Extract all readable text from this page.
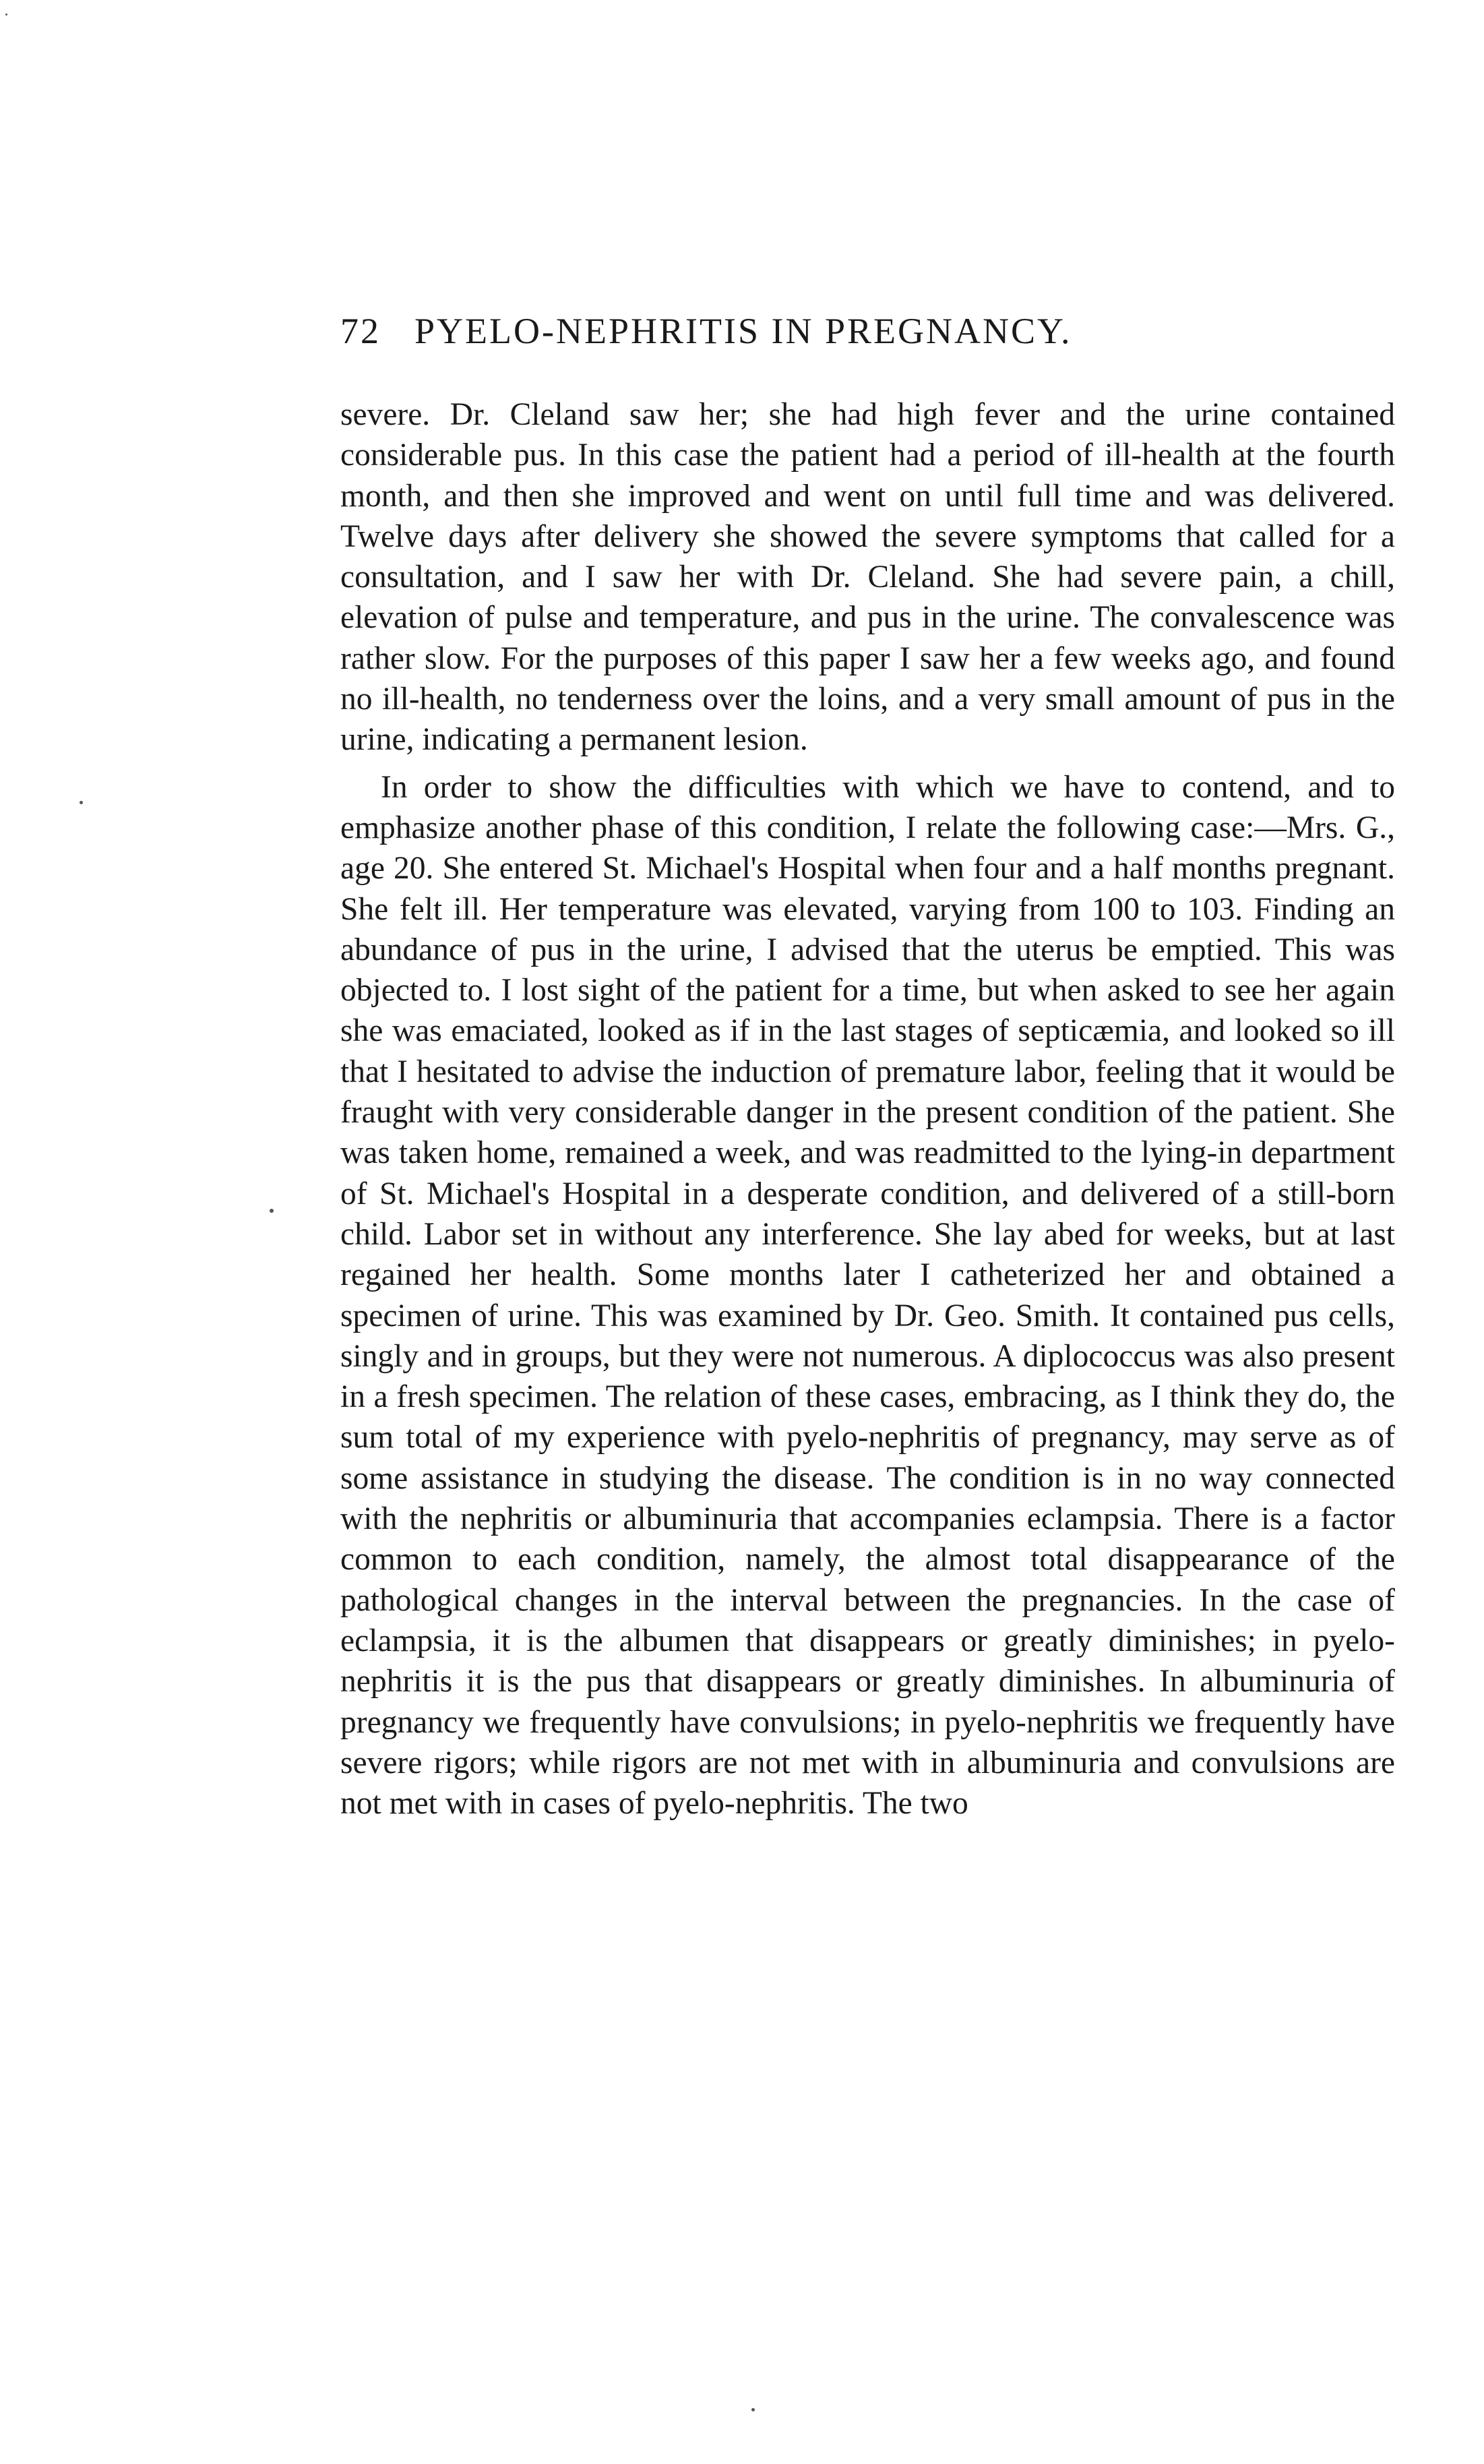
72 PYELO-NEPHRITIS IN PREGNANCY.

severe. Dr. Cleland saw her; she had high fever and the urine contained considerable pus. In this case the patient had a period of ill-health at the fourth month, and then she improved and went on until full time and was delivered. Twelve days after delivery she showed the severe symptoms that called for a consultation, and I saw her with Dr. Cleland. She had severe pain, a chill, elevation of pulse and temperature, and pus in the urine. The convalescence was rather slow. For the purposes of this paper I saw her a few weeks ago, and found no ill-health, no tenderness over the loins, and a very small amount of pus in the urine, indicating a permanent lesion.

In order to show the difficulties with which we have to contend, and to emphasize another phase of this condition, I relate the following case:—Mrs. G., age 20. She entered St. Michael's Hospital when four and a half months pregnant. She felt ill. Her temperature was elevated, varying from 100 to 103. Finding an abundance of pus in the urine, I advised that the uterus be emptied. This was objected to. I lost sight of the patient for a time, but when asked to see her again she was emaciated, looked as if in the last stages of septicæmia, and looked so ill that I hesitated to advise the induction of premature labor, feeling that it would be fraught with very considerable danger in the present condition of the patient. She was taken home, remained a week, and was readmitted to the lying-in department of St. Michael's Hospital in a desperate condition, and delivered of a still-born child. Labor set in without any interference. She lay abed for weeks, but at last regained her health. Some months later I catheterized her and obtained a specimen of urine. This was examined by Dr. Geo. Smith. It contained pus cells, singly and in groups, but they were not numerous. A diplococcus was also present in a fresh specimen. The relation of these cases, embracing, as I think they do, the sum total of my experience with pyelo-nephritis of pregnancy, may serve as of some assistance in studying the disease. The condition is in no way connected with the nephritis or albuminuria that accompanies eclampsia. There is a factor common to each condition, namely, the almost total disappearance of the pathological changes in the interval between the pregnancies. In the case of eclampsia, it is the albumen that disappears or greatly diminishes; in pyelo-nephritis it is the pus that disappears or greatly diminishes. In albuminuria of pregnancy we frequently have convulsions; in pyelo-nephritis we frequently have severe rigors; while rigors are not met with in albuminuria and convulsions are not met with in cases of pyelo-nephritis. The two
